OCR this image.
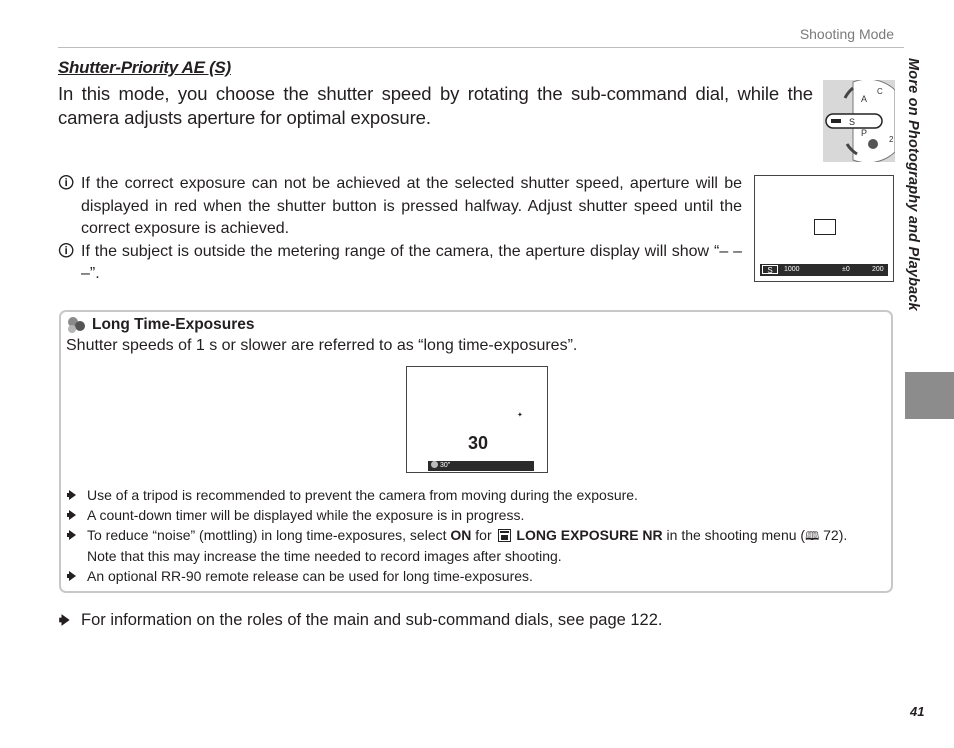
Shooting Mode
More on Photography and Playback
Shutter-Priority AE (S)
In this mode, you choose the shutter speed by rotating the sub-command dial, while the camera adjusts aperture for optimal exposure.
A
C
P
2
S
🛈 If the correct exposure can not be achieved at the selected shutter speed, aperture will be displayed in red when the shutter button is pressed halfway. Adjust shutter speed until the correct exposure is achieved.
🛈 If the subject is outside the metering range of the camera, the aperture display will show “– – –”.	S	1000	±0	200
Long Time-Exposures
Shutter speeds of 1 s or slower are referred to as “long time-exposures”.
✦
30
30"
Use of a tripod is recommended to prevent the camera from moving during the exposure.
A count-down timer will be displayed while the exposure is in progress.
To reduce “noise” (mottling) in long time-exposures, select ON for  LONG EXPOSURE NR in the shooting menu (🕮 72).
Note that this may increase the time needed to record images after shooting.
An optional RR-90 remote release can be used for long time-exposures.
For information on the roles of the main and sub-command dials, see page 122.
41
